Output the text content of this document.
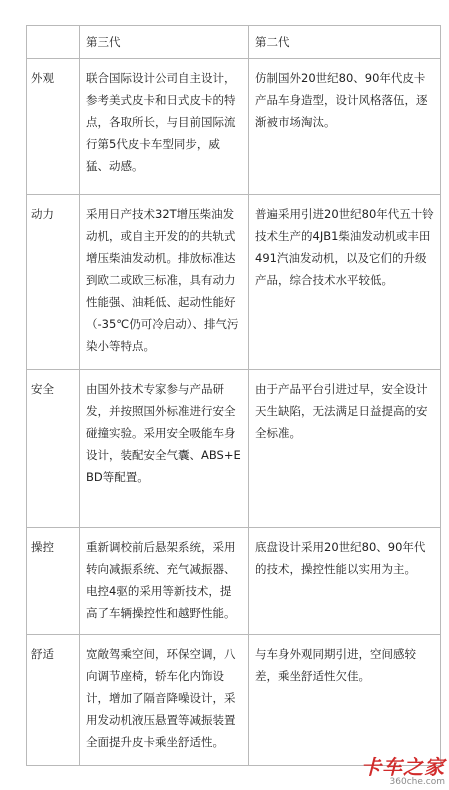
	第三代	第二代
外观	联合国际设计公司自主设计，参考美式皮卡和日式皮卡的特点，各取所长，与目前国际流行第5代皮卡车型同步，威猛、动感。	仿制国外20世纪80、90年代皮卡产品车身造型，设计风格落伍，逐渐被市场淘汰。
动力	采用日产技术32T增压柴油发动机，或自主开发的的共轨式增压柴油发动机。排放标准达到欧二或欧三标准，具有动力性能强、油耗低、起动性能好（-35℃仍可冷启动）、排气污染小等特点。	普遍采用引进20世纪80年代五十铃技术生产的4JB1柴油发动机或丰田491汽油发动机，以及它们的升级产品，综合技术水平较低。
安全	由国外技术专家参与产品研发，并按照国外标准进行安全碰撞实验。采用安全吸能车身设计，装配安全气囊、ABS+EBD等配置。	由于产品平台引进过早，安全设计天生缺陷，无法满足日益提高的安全标准。
操控	重新调校前后悬架系统，采用转向减振系统、充气减振器、电控4驱的采用等新技术，提高了车辆操控性和越野性能。	底盘设计采用20世纪80、90年代的技术，操控性能以实用为主。
舒适	宽敞驾乘空间，环保空调，八向调节座椅，轿车化内饰设计，增加了隔音降噪设计，采用发动机液压悬置等减振装置全面提升皮卡乘坐舒适性。	与车身外观同期引进，空间感较差，乘坐舒适性欠佳。
卡车之家
360che.com
